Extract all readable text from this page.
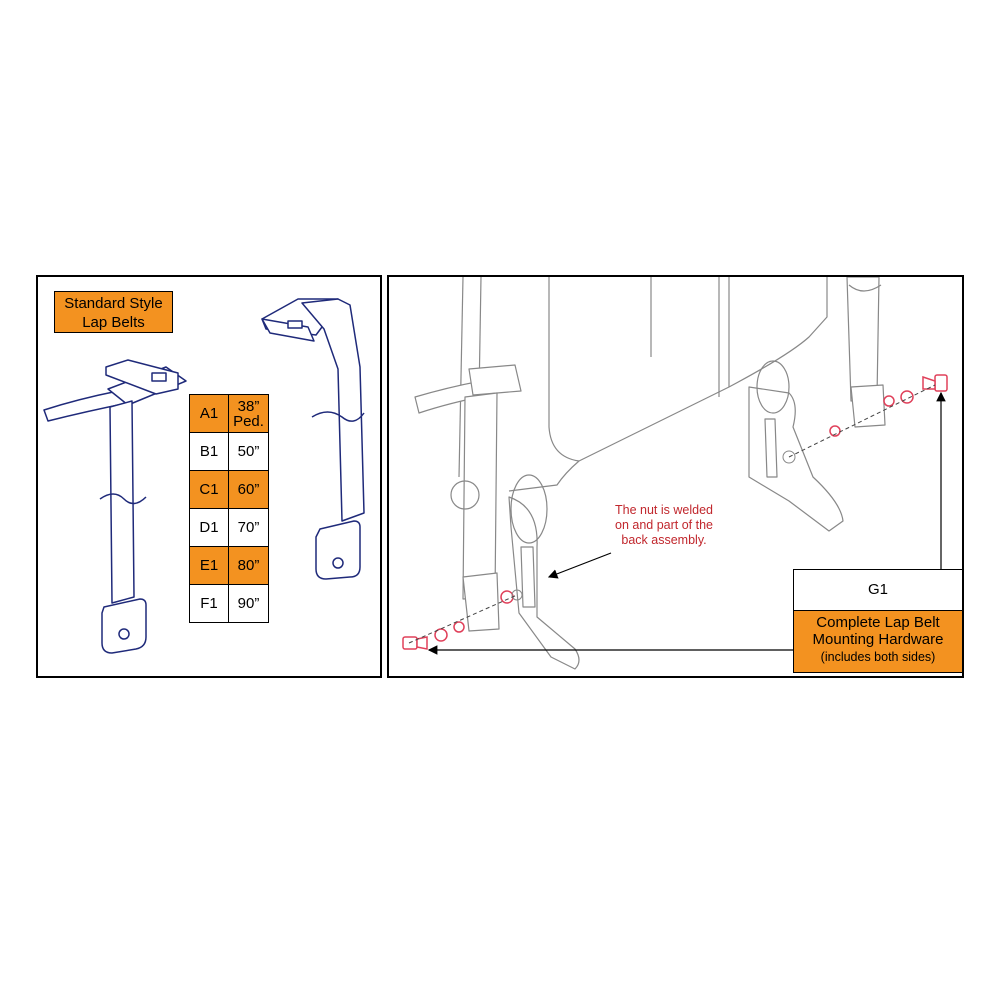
Standard Style
Lap Belts
A1	38”
Ped.
B1	50”
C1	60”
D1	70”
E1	80”
F1	90”
The nut is welded
on and part of the
back assembly.
G1
Complete Lap Belt
Mounting Hardware
(includes both sides)
